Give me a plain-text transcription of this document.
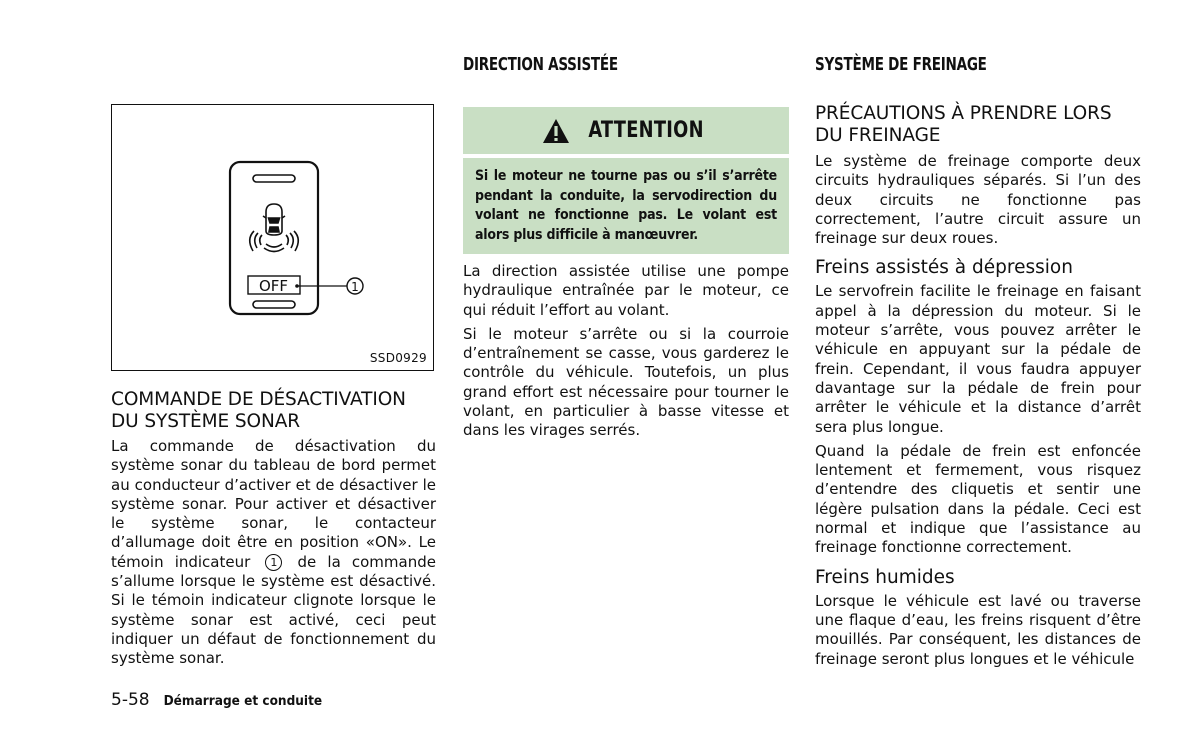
OFF	1
SSD0929
COMMANDE DE DÉSACTIVATION DU SYSTÈME SONAR

La commande de désactivation du système sonar du tableau de bord permet au conducteur d’activer et de désactiver le système sonar. Pour activer et désactiver le système sonar, le contacteur d’allumage doit être en position «ON». Le témoin indicateur 1 de la commande s’allume lorsque le système est désactivé. Si le témoin indicateur clignote lorsque le système sonar est activé, ceci peut indiquer un défaut de fonctionnement du système sonar.

DIRECTION ASSISTÉE
ATTENTION
Si le moteur ne tourne pas ou s’il s’arrête pendant la conduite, la servodirection du volant ne fonctionne pas. Le volant est alors plus difficile à manœuvrer.

La direction assistée utilise une pompe hydraulique entraînée par le moteur, ce qui réduit l’effort au volant.

Si le moteur s’arrête ou si la courroie d’entraînement se casse, vous garderez le contrôle du véhicule. Toutefois, un plus grand effort est nécessaire pour tourner le volant, en particulier à basse vitesse et dans les virages serrés.

SYSTÈME DE FREINAGE
PRÉCAUTIONS À PRENDRE LORS DU FREINAGE

Le système de freinage comporte deux circuits hydrauliques séparés. Si l’un des deux circuits ne fonctionne pas correctement, l’autre circuit assure un freinage sur deux roues.

Freins assistés à dépression

Le servofrein facilite le freinage en faisant appel à la dépression du moteur. Si le moteur s’arrête, vous pouvez arrêter le véhicule en appuyant sur la pédale de frein. Cependant, il vous faudra appuyer davantage sur la pédale de frein pour arrêter le véhicule et la distance d’arrêt sera plus longue.

Quand la pédale de frein est enfoncée lentement et fermement, vous risquez d’entendre des cliquetis et sentir une légère pulsation dans la pédale. Ceci est normal et indique que l’assistance au freinage fonctionne correctement.

Freins humides

Lorsque le véhicule est lavé ou traverse une flaque d’eau, les freins risquent d’être mouillés. Par conséquent, les distances de freinage seront plus longues et le véhicule

5-58 Démarrage et conduite
